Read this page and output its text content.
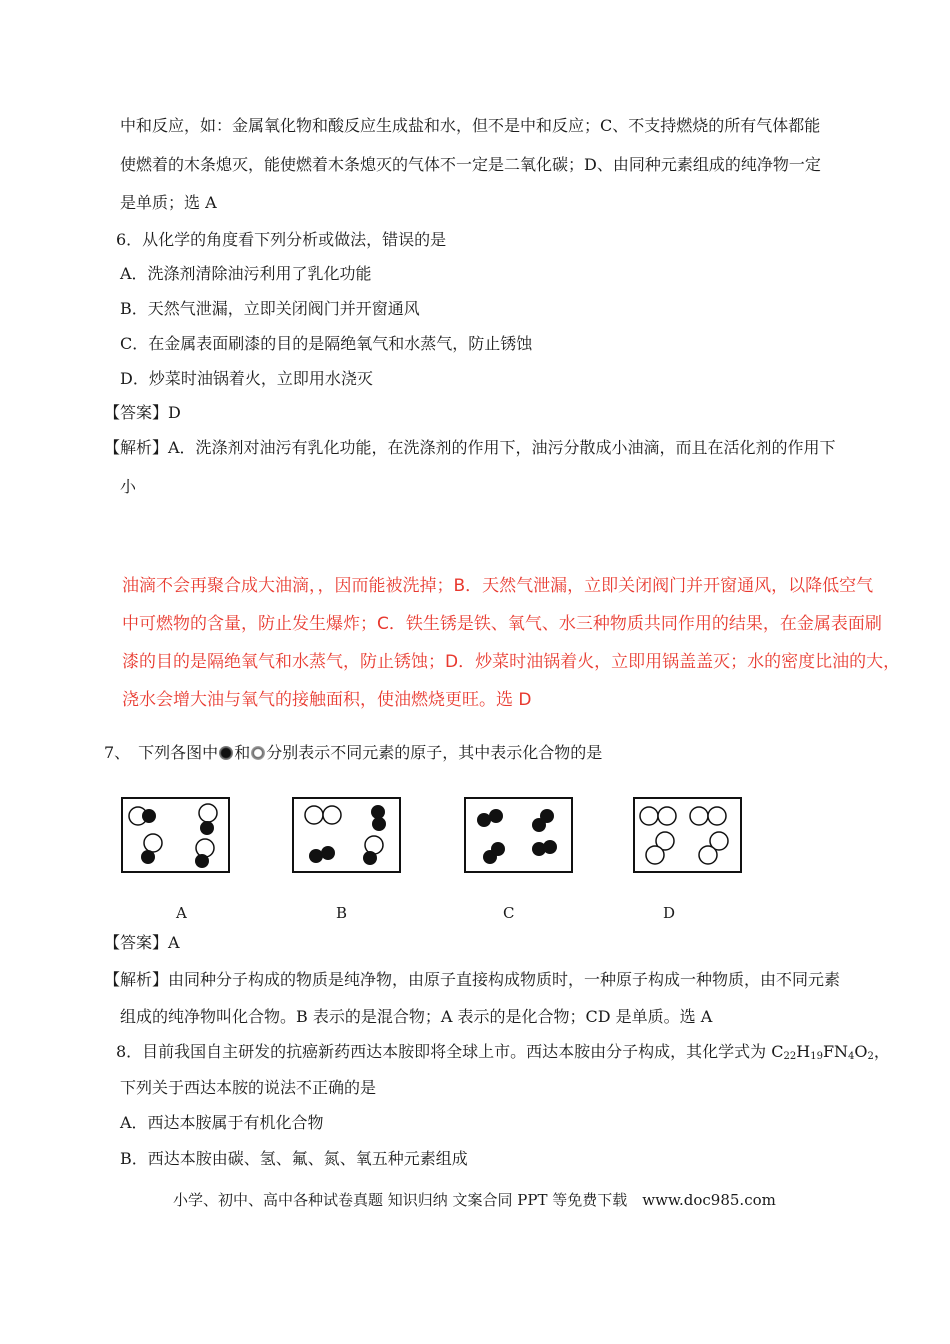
中和反应，如：金属氧化物和酸反应生成盐和水，但不是中和反应；C、不支持燃烧的所有气体都能
使燃着的木条熄灭，能使燃着木条熄灭的气体不一定是二氧化碳；D、由同种元素组成的纯净物一定
是单质；选 A
6．从化学的角度看下列分析或做法，错误的是
A．洗涤剂清除油污利用了乳化功能
B．天然气泄漏，立即关闭阀门并开窗通风
C．在金属表面刷漆的目的是隔绝氧气和水蒸气，防止锈蚀
D．炒菜时油锅着火，立即用水浇灭
【答案】D
【解析】A．洗涤剂对油污有乳化功能，在洗涤剂的作用下，油污分散成小油滴，而且在活化剂的作用下
小
油滴不会再聚合成大油滴，，因而能被洗掉；B．天然气泄漏，立即关闭阀门并开窗通风，以降低空气
中可燃物的含量，防止发生爆炸；C．铁生锈是铁、氧气、水三种物质共同作用的结果，在金属表面刷
漆的目的是隔绝氧气和水蒸气，防止锈蚀；D．炒菜时油锅着火，立即用锅盖盖灭；水的密度比油的大，
浇水会增大油与氧气的接触面积，使油燃烧更旺。选 D
7、　下列各图中 和 分别表示不同元素的原子，其中表示化合物的是
A	B	C	D
【答案】A
【解析】由同种分子构成的物质是纯净物，由原子直接构成物质时，一种原子构成一种物质，由不同元素
组成的纯净物叫化合物。B 表示的是混合物；A 表示的是化合物；CD 是单质。选 A
8．目前我国自主研发的抗癌新药西达本胺即将全球上市。西达本胺由分子构成，其化学式为 $C_{22}H_{19}FN_4O_2$，
下列关于西达本胺的说法不正确的是
A．西达本胺属于有机化合物
B．西达本胺由碳、氢、氟、氮、氧五种元素组成
小学、初中、高中各种试卷真题 知识归纳 文案合同 PPT 等免费下载　www.doc985.com
